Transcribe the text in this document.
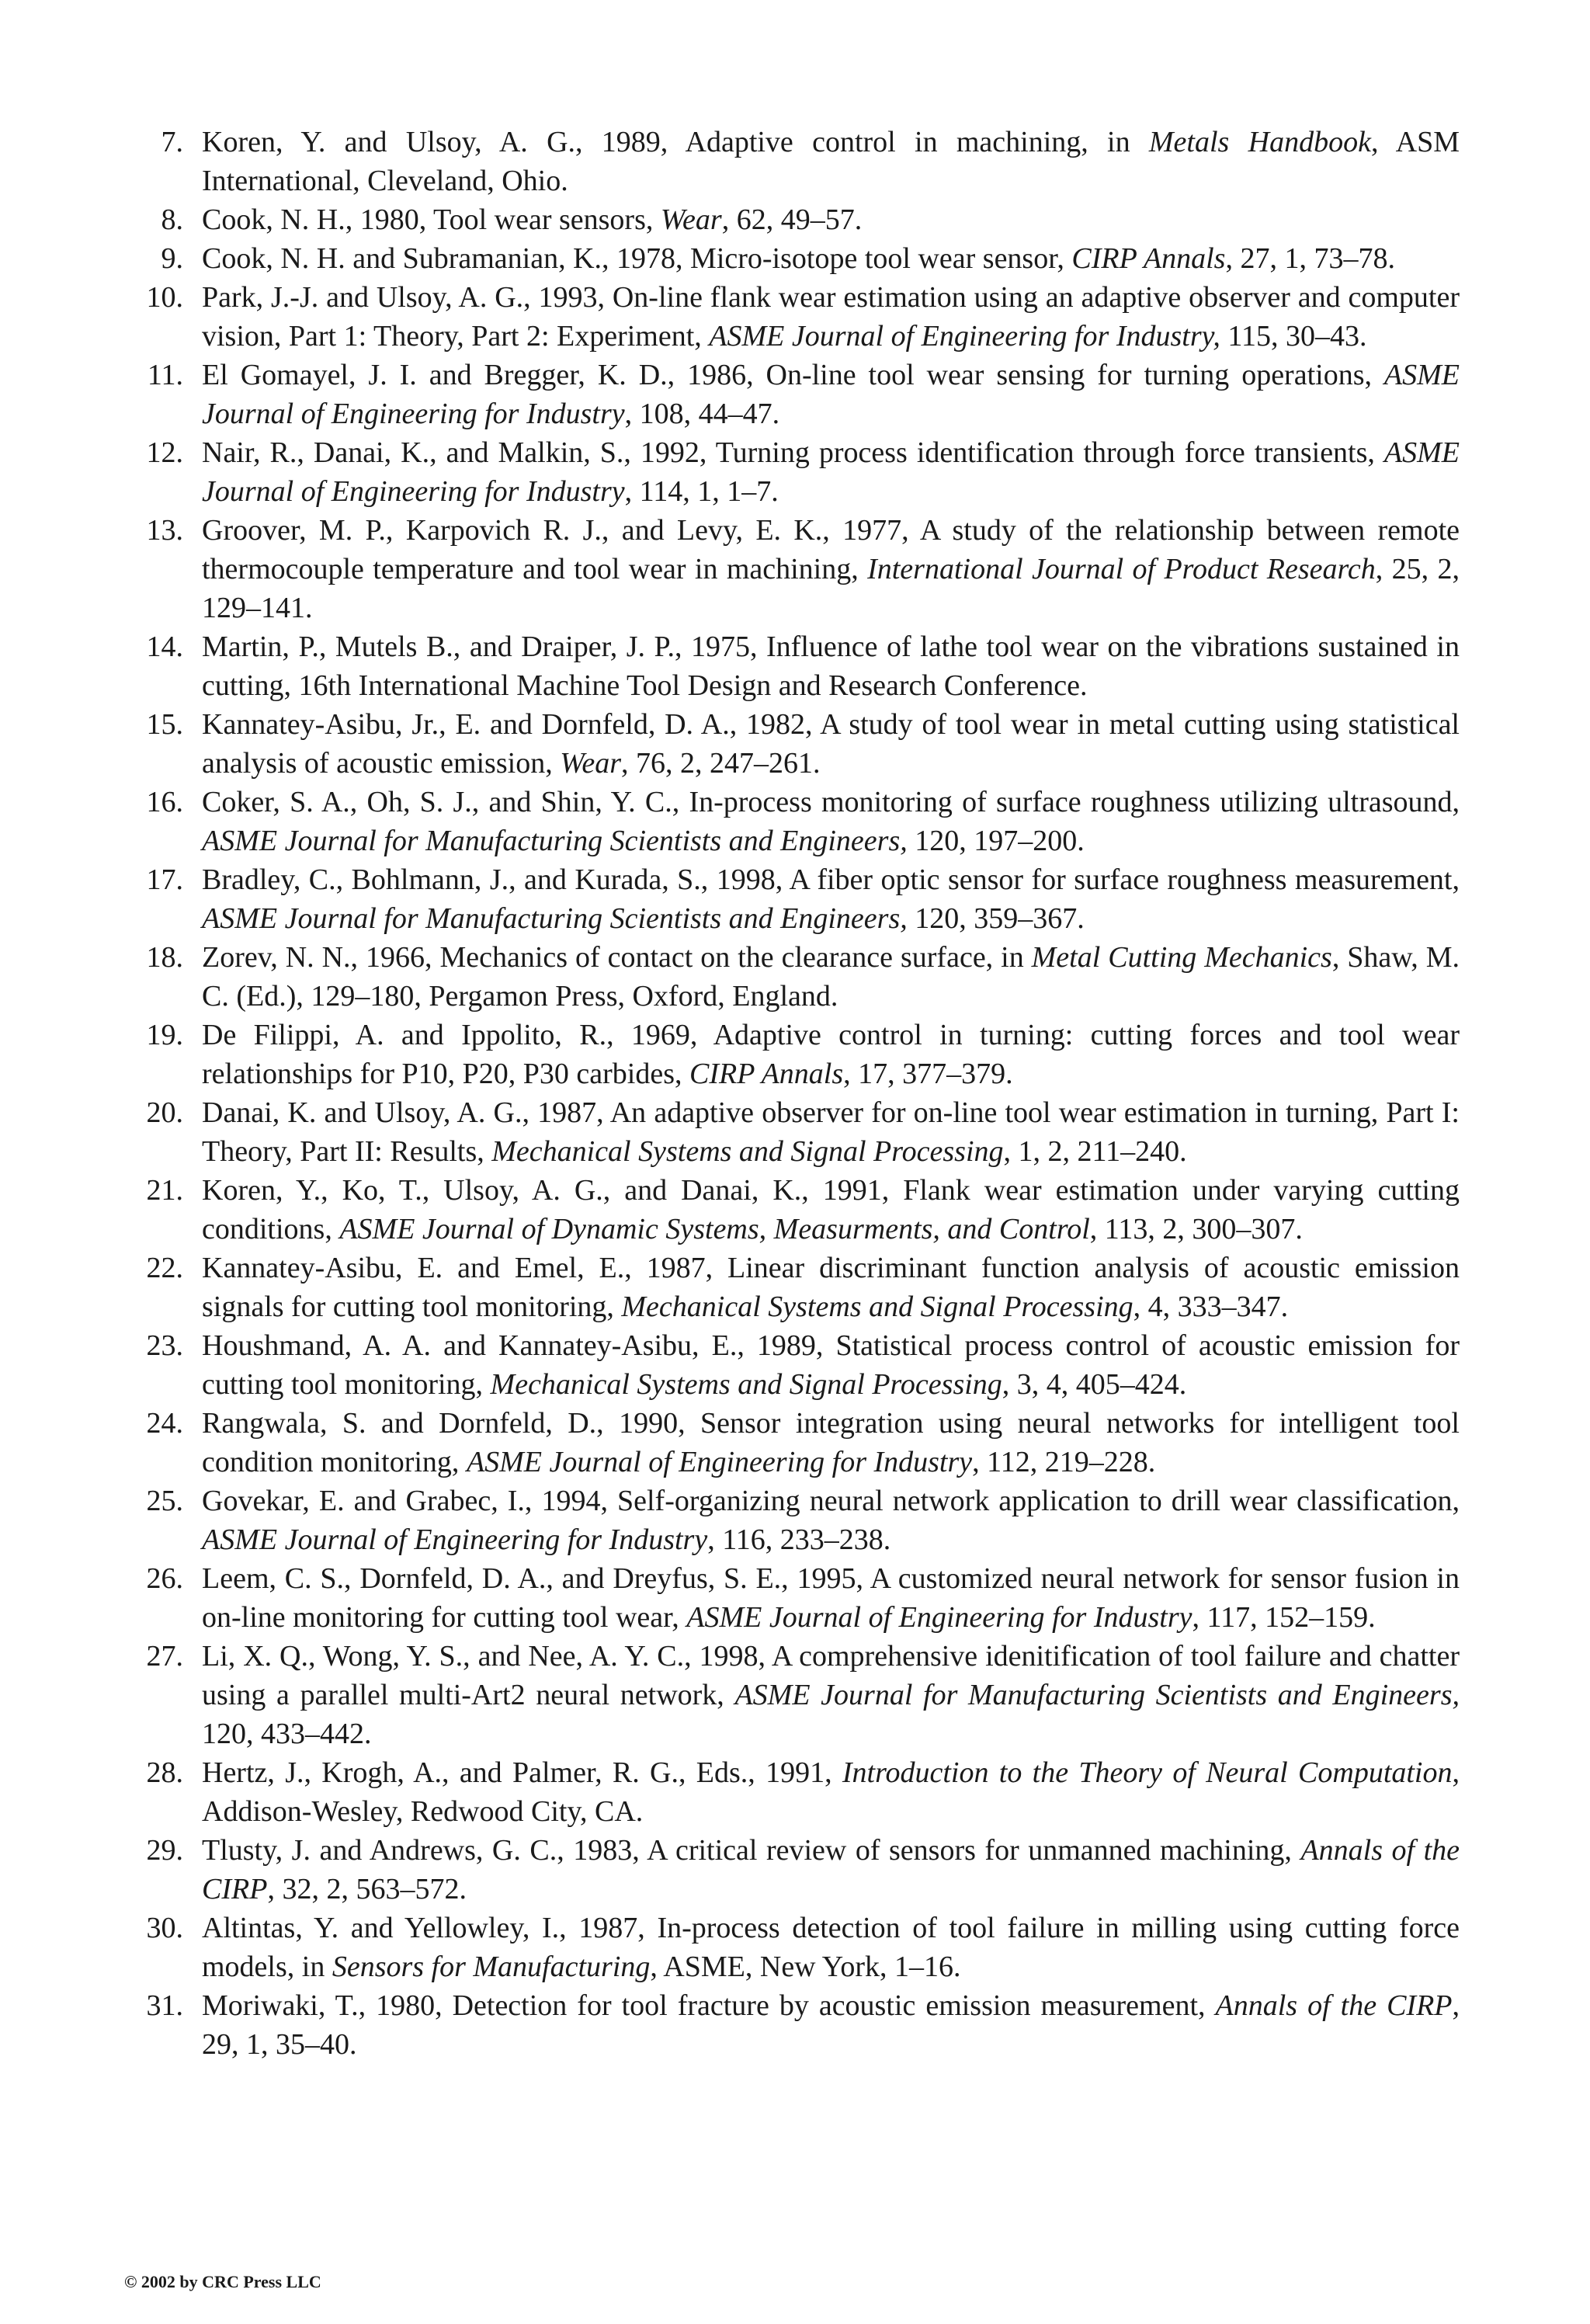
7. Koren, Y. and Ulsoy, A. G., 1989, Adaptive control in machining, in Metals Handbook, ASM International, Cleveland, Ohio.
8. Cook, N. H., 1980, Tool wear sensors, Wear, 62, 49–57.
9. Cook, N. H. and Subramanian, K., 1978, Micro-isotope tool wear sensor, CIRP Annals, 27, 1, 73–78.
10. Park, J.-J. and Ulsoy, A. G., 1993, On-line flank wear estimation using an adaptive observer and computer vision, Part 1: Theory, Part 2: Experiment, ASME Journal of Engineering for Industry, 115, 30–43.
11. El Gomayel, J. I. and Bregger, K. D., 1986, On-line tool wear sensing for turning operations, ASME Journal of Engineering for Industry, 108, 44–47.
12. Nair, R., Danai, K., and Malkin, S., 1992, Turning process identification through force transients, ASME Journal of Engineering for Industry, 114, 1, 1–7.
13. Groover, M. P., Karpovich R. J., and Levy, E. K., 1977, A study of the relationship between remote thermocouple temperature and tool wear in machining, International Journal of Product Research, 25, 2, 129–141.
14. Martin, P., Mutels B., and Draiper, J. P., 1975, Influence of lathe tool wear on the vibrations sustained in cutting, 16th International Machine Tool Design and Research Conference.
15. Kannatey-Asibu, Jr., E. and Dornfeld, D. A., 1982, A study of tool wear in metal cutting using statistical analysis of acoustic emission, Wear, 76, 2, 247–261.
16. Coker, S. A., Oh, S. J., and Shin, Y. C., In-process monitoring of surface roughness utilizing ultrasound, ASME Journal for Manufacturing Scientists and Engineers, 120, 197–200.
17. Bradley, C., Bohlmann, J., and Kurada, S., 1998, A fiber optic sensor for surface roughness measurement, ASME Journal for Manufacturing Scientists and Engineers, 120, 359–367.
18. Zorev, N. N., 1966, Mechanics of contact on the clearance surface, in Metal Cutting Mechanics, Shaw, M. C. (Ed.), 129–180, Pergamon Press, Oxford, England.
19. De Filippi, A. and Ippolito, R., 1969, Adaptive control in turning: cutting forces and tool wear relationships for P10, P20, P30 carbides, CIRP Annals, 17, 377–379.
20. Danai, K. and Ulsoy, A. G., 1987, An adaptive observer for on-line tool wear estimation in turning, Part I: Theory, Part II: Results, Mechanical Systems and Signal Processing, 1, 2, 211–240.
21. Koren, Y., Ko, T., Ulsoy, A. G., and Danai, K., 1991, Flank wear estimation under varying cutting conditions, ASME Journal of Dynamic Systems, Measurments, and Control, 113, 2, 300–307.
22. Kannatey-Asibu, E. and Emel, E., 1987, Linear discriminant function analysis of acoustic emission signals for cutting tool monitoring, Mechanical Systems and Signal Processing, 4, 333–347.
23. Houshmand, A. A. and Kannatey-Asibu, E., 1989, Statistical process control of acoustic emission for cutting tool monitoring, Mechanical Systems and Signal Processing, 3, 4, 405–424.
24. Rangwala, S. and Dornfeld, D., 1990, Sensor integration using neural networks for intelligent tool condition monitoring, ASME Journal of Engineering for Industry, 112, 219–228.
25. Govekar, E. and Grabec, I., 1994, Self-organizing neural network application to drill wear classification, ASME Journal of Engineering for Industry, 116, 233–238.
26. Leem, C. S., Dornfeld, D. A., and Dreyfus, S. E., 1995, A customized neural network for sensor fusion in on-line monitoring for cutting tool wear, ASME Journal of Engineering for Industry, 117, 152–159.
27. Li, X. Q., Wong, Y. S., and Nee, A. Y. C., 1998, A comprehensive idenitification of tool failure and chatter using a parallel multi-Art2 neural network, ASME Journal for Manufacturing Scientists and Engineers, 120, 433–442.
28. Hertz, J., Krogh, A., and Palmer, R. G., Eds., 1991, Introduction to the Theory of Neural Computation, Addison-Wesley, Redwood City, CA.
29. Tlusty, J. and Andrews, G. C., 1983, A critical review of sensors for unmanned machining, Annals of the CIRP, 32, 2, 563–572.
30. Altintas, Y. and Yellowley, I., 1987, In-process detection of tool failure in milling using cutting force models, in Sensors for Manufacturing, ASME, New York, 1–16.
31. Moriwaki, T., 1980, Detection for tool fracture by acoustic emission measurement, Annals of the CIRP, 29, 1, 35–40.
© 2002 by CRC Press LLC
